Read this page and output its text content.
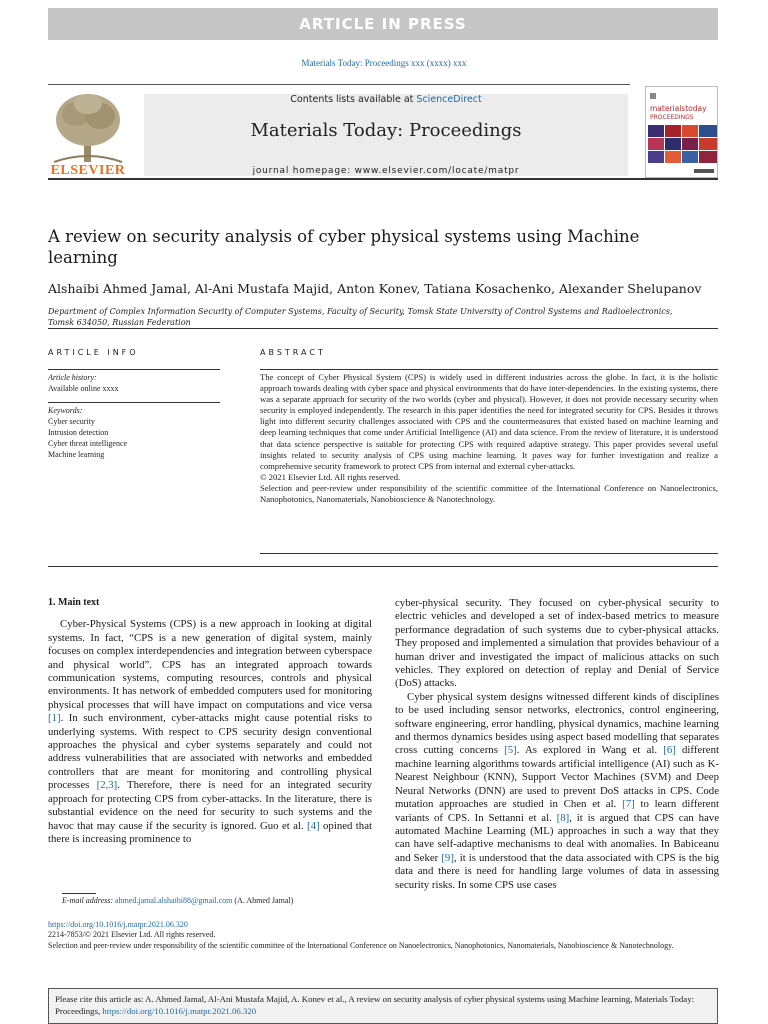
ARTICLE IN PRESS
Materials Today: Proceedings xxx (xxxx) xxx
ELSEVIER
Contents lists available at ScienceDirect
Materials Today: Proceedings
journal homepage: www.elsevier.com/locate/matpr
materialstoday
PROCEEDINGS
A review on security analysis of cyber physical systems using Machine learning
Alshaibi Ahmed Jamal, Al-Ani Mustafa Majid, Anton Konev, Tatiana Kosachenko, Alexander Shelupanov
Department of Complex Information Security of Computer Systems, Faculty of Security, Tomsk State University of Control Systems and Radioelectronics, Tomsk 634050, Russian Federation
ARTICLE INFO
Article history:
Available online xxxx
Keywords:
Cyber security
Intrusion detection
Cyber threat intelligence
Machine learning
ABSTRACT
The concept of Cyber Physical System (CPS) is widely used in different industries across the globe. In fact, it is the holistic approach towards dealing with cyber space and physical environments that do have inter-dependencies. In the existing systems, there was a separate approach for security of the two worlds (cyber and physical). However, it does not provide necessary security when security is employed independently. The research in this paper identifies the need for integrated security for CPS. Besides it throws light into different security challenges associated with CPS and the countermeasures that existed based on machine learning and deep learning techniques that come under Artificial Intelligence (AI) and data science. From the review of literature, it is understood that data science perspective is suitable for protecting CPS with required adaptive strategy. This paper provides several useful insights related to security analysis of CPS using machine learning. It paves way for further investigation and realize a comprehensive security framework to protect CPS from internal and external cyber-attacks.
© 2021 Elsevier Ltd. All rights reserved.
Selection and peer-review under responsibility of the scientific committee of the International Conference on Nanoelectronics, Nanophotonics, Nanomaterials, Nanobioscience & Nanotechnology.
1. Main text

Cyber-Physical Systems (CPS) is a new approach in looking at digital systems. In fact, “CPS is a new generation of digital system, mainly focuses on complex interdependencies and integration between cyberspace and physical world”. CPS has an integrated approach towards communication systems, computing resources, controls and physical environments. It has network of embedded computers used for monitoring physical processes that will have impact on computations and vice versa [1]. In such environment, cyber-attacks might cause potential risks to underlying systems. With respect to CPS security design conventional approaches the physical and cyber systems separately and could not address vulnerabilities that are associated with networks and embedded controllers that are meant for monitoring and controlling physical processes [2,3]. Therefore, there is need for an integrated security approach for protecting CPS from cyber-attacks. In the literature, there is substantial evidence on the need for security to such systems and the havoc that may cause if the security is ignored. Guo et al. [4] opined that there is increasing prominence to

cyber-physical security. They focused on cyber-physical security to electric vehicles and developed a set of index-based metrics to measure performance degradation of such systems due to cyber-physical attacks. They proposed and implemented a simulation that provides behaviour of a human driver and investigated the impact of malicious attacks on such vehicles. They explored on detection of replay and Denial of Service (DoS) attacks.

Cyber physical system designs witnessed different kinds of disciplines to be used including sensor networks, electronics, control engineering, software engineering, error handling, physical dynamics, machine learning and thermos dynamics besides using aspect based modelling that separates cross cutting concerns [5]. As explored in Wang et al. [6] different machine learning algorithms towards artificial intelligence (AI) such as K-Nearest Neighbour (KNN), Support Vector Machines (SVM) and Deep Neural Networks (DNN) are used to prevent DoS attacks in CPS. Code mutation approaches are studied in Chen et al. [7] to learn different variants of CPS. In Settanni et al. [8], it is argued that CPS can have automated Machine Learning (ML) approaches in such a way that they can have self-adaptive mechanisms to deal with anomalies. In Babiceanu and Seker [9], it is understood that the data associated with CPS is the big data and there is need for handling large volumes of data in assessing security risks. In some CPS use cases

E-mail address: ahmed.jamal.alshaibi88@gmail.com (A. Ahmed Jamal)
https://doi.org/10.1016/j.matpr.2021.06.320
2214-7853/© 2021 Elsevier Ltd. All rights reserved.
Selection and peer-review under responsibility of the scientific committee of the International Conference on Nanoelectronics, Nanophotonics, Nanomaterials, Nanobioscience & Nanotechnology.
Please cite this article as: A. Ahmed Jamal, Al-Ani Mustafa Majid, A. Konev et al., A review on security analysis of cyber physical systems using Machine learning, Materials Today: Proceedings, https://doi.org/10.1016/j.matpr.2021.06.320
